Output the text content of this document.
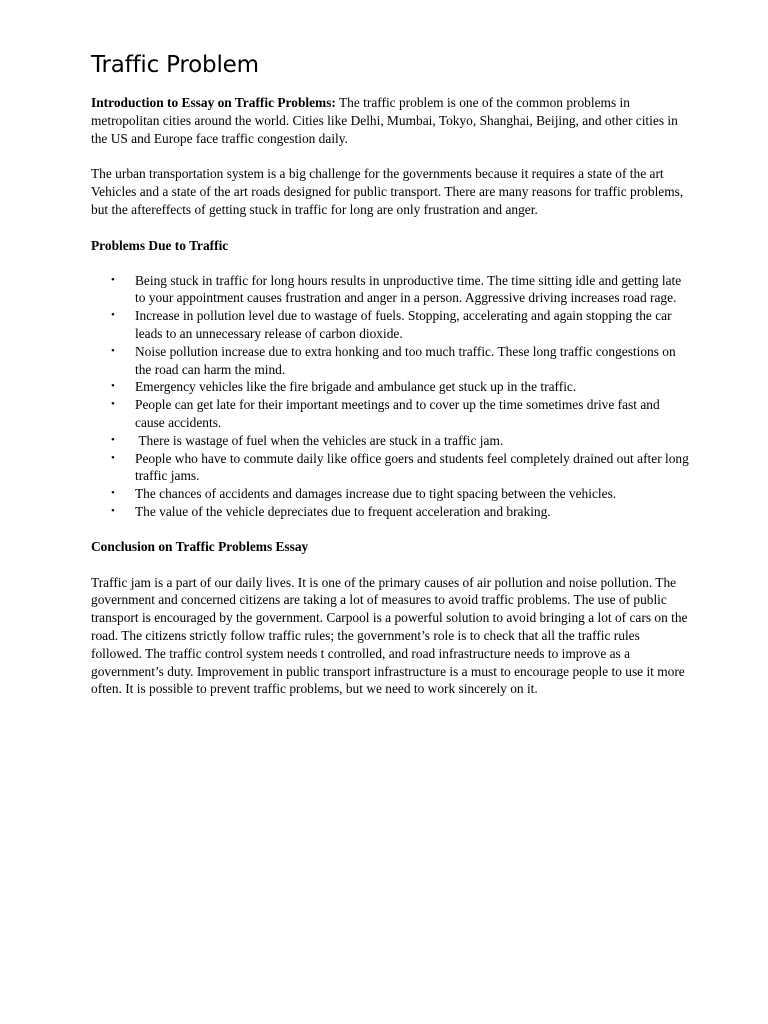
Traffic Problem

Introduction to Essay on Traffic Problems: The traffic problem is one of the common problems in metropolitan cities around the world. Cities like Delhi, Mumbai, Tokyo, Shanghai, Beijing, and other cities in the US and Europe face traffic congestion daily.

The urban transportation system is a big challenge for the governments because it requires a state of the art Vehicles and a state of the art roads designed for public transport. There are many reasons for traffic problems, but the aftereffects of getting stuck in traffic for long are only frustration and anger.

Problems Due to Traffic

• Being stuck in traffic for long hours results in unproductive time. The time sitting idle and getting late to your appointment causes frustration and anger in a person. Aggressive driving increases road rage.
• Increase in pollution level due to wastage of fuels. Stopping, accelerating and again stopping the car leads to an unnecessary release of carbon dioxide.
• Noise pollution increase due to extra honking and too much traffic. These long traffic congestions on the road can harm the mind.
• Emergency vehicles like the fire brigade and ambulance get stuck up in the traffic.
• People can get late for their important meetings and to cover up the time sometimes drive fast and cause accidents.
• There is wastage of fuel when the vehicles are stuck in a traffic jam.
• People who have to commute daily like office goers and students feel completely drained out after long traffic jams.
• The chances of accidents and damages increase due to tight spacing between the vehicles.
• The value of the vehicle depreciates due to frequent acceleration and braking.

Conclusion on Traffic Problems Essay

Traffic jam is a part of our daily lives. It is one of the primary causes of air pollution and noise pollution. The government and concerned citizens are taking a lot of measures to avoid traffic problems. The use of public transport is encouraged by the government. Carpool is a powerful solution to avoid bringing a lot of cars on the road. The citizens strictly follow traffic rules; the government’s role is to check that all the traffic rules followed. The traffic control system needs t controlled, and road infrastructure needs to improve as a government’s duty. Improvement in public transport infrastructure is a must to encourage people to use it more often. It is possible to prevent traffic problems, but we need to work sincerely on it.
